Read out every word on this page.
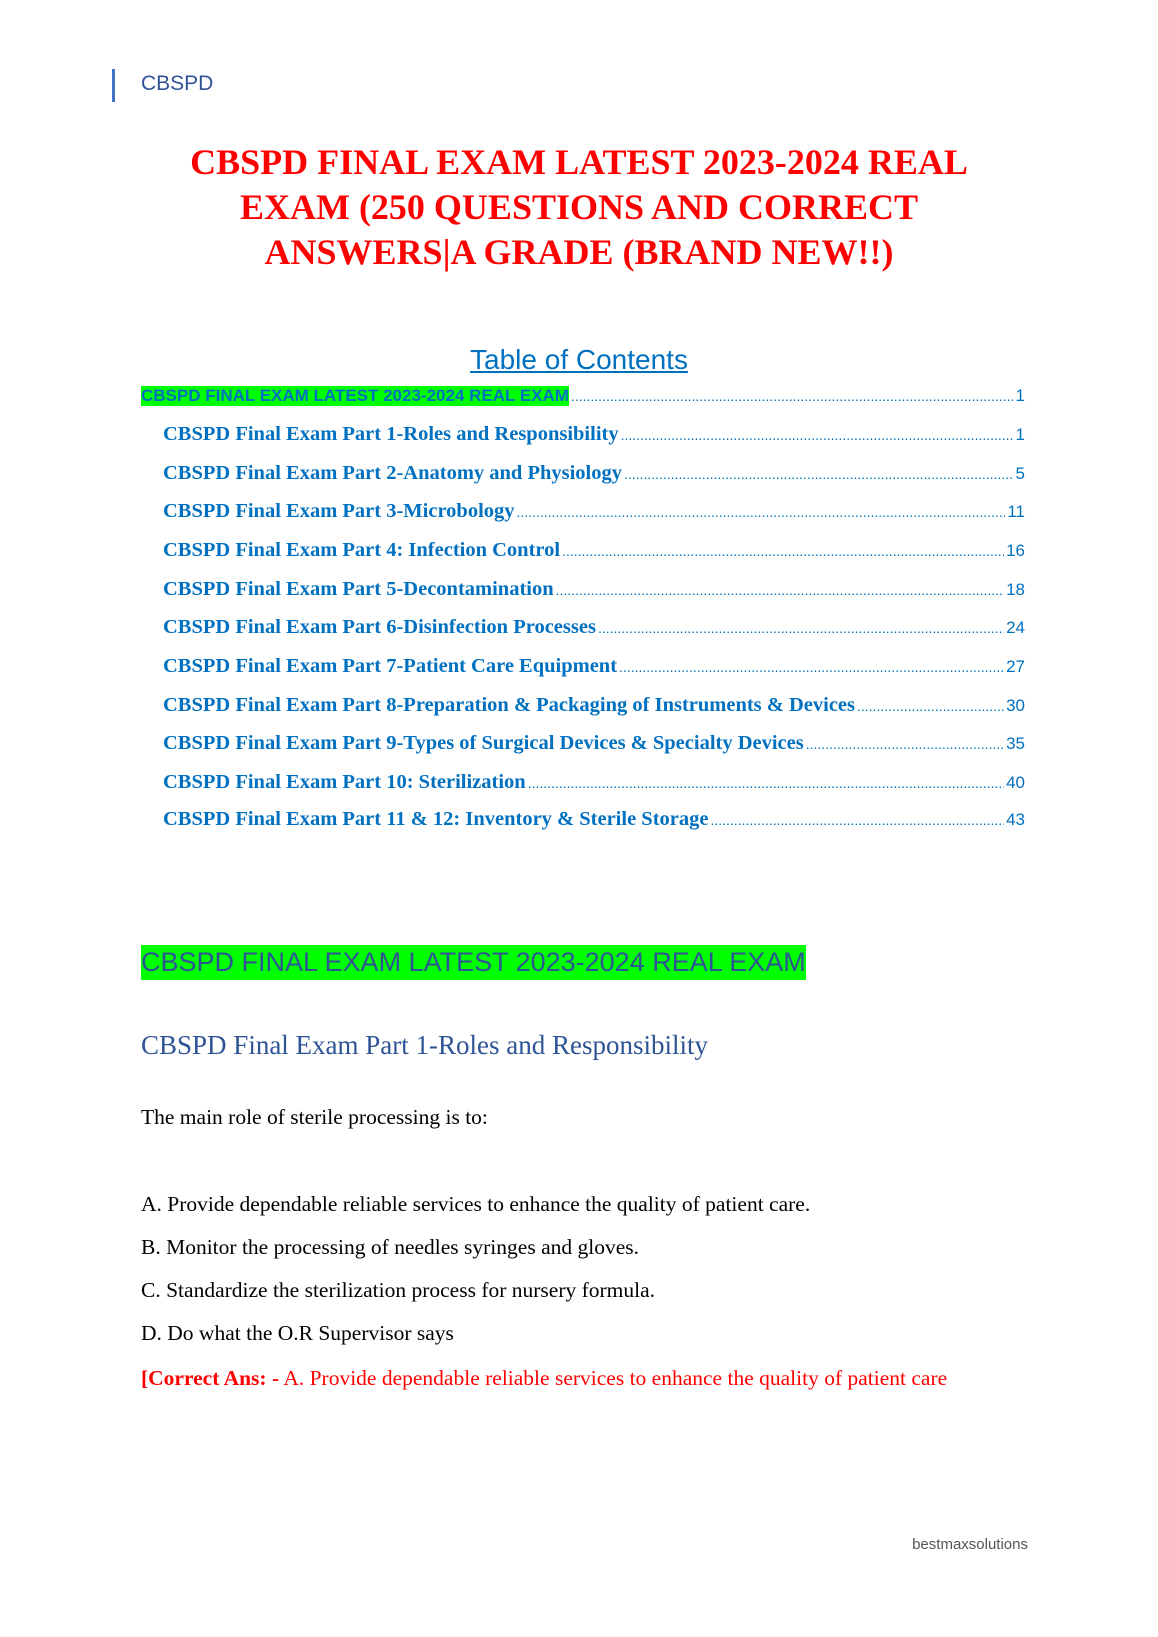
CBSPD
CBSPD FINAL EXAM LATEST 2023-2024 REAL
EXAM (250 QUESTIONS AND CORRECT
ANSWERS|A GRADE (BRAND NEW!!)
Table of Contents
CBSPD FINAL EXAM LATEST 2023-2024 REAL EXAM .....	1
CBSPD Final Exam Part 1-Roles and Responsibility .....	1
CBSPD Final Exam Part 2-Anatomy and Physiology .....	5
CBSPD Final Exam Part 3-Microbology .....	11
CBSPD Final Exam Part 4: Infection Control .....	16
CBSPD Final Exam Part 5-Decontamination .....	18
CBSPD Final Exam Part 6-Disinfection Processes .....	24
CBSPD Final Exam Part 7-Patient Care Equipment .....	27
CBSPD Final Exam Part 8-Preparation & Packaging of Instruments & Devices .....	30
CBSPD Final Exam Part 9-Types of Surgical Devices & Specialty Devices .....	35
CBSPD Final Exam Part 10: Sterilization .....	40
CBSPD Final Exam Part 11 & 12: Inventory & Sterile Storage .....	43
CBSPD FINAL EXAM LATEST 2023-2024 REAL EXAM
CBSPD Final Exam Part 1-Roles and Responsibility
The main role of sterile processing is to:
A. Provide dependable reliable services to enhance the quality of patient care.
B. Monitor the processing of needles syringes and gloves.
C. Standardize the sterilization process for nursery formula.
D. Do what the O.R Supervisor says
[Correct Ans: - A. Provide dependable reliable services to enhance the quality of patient care
bestmaxsolutions
